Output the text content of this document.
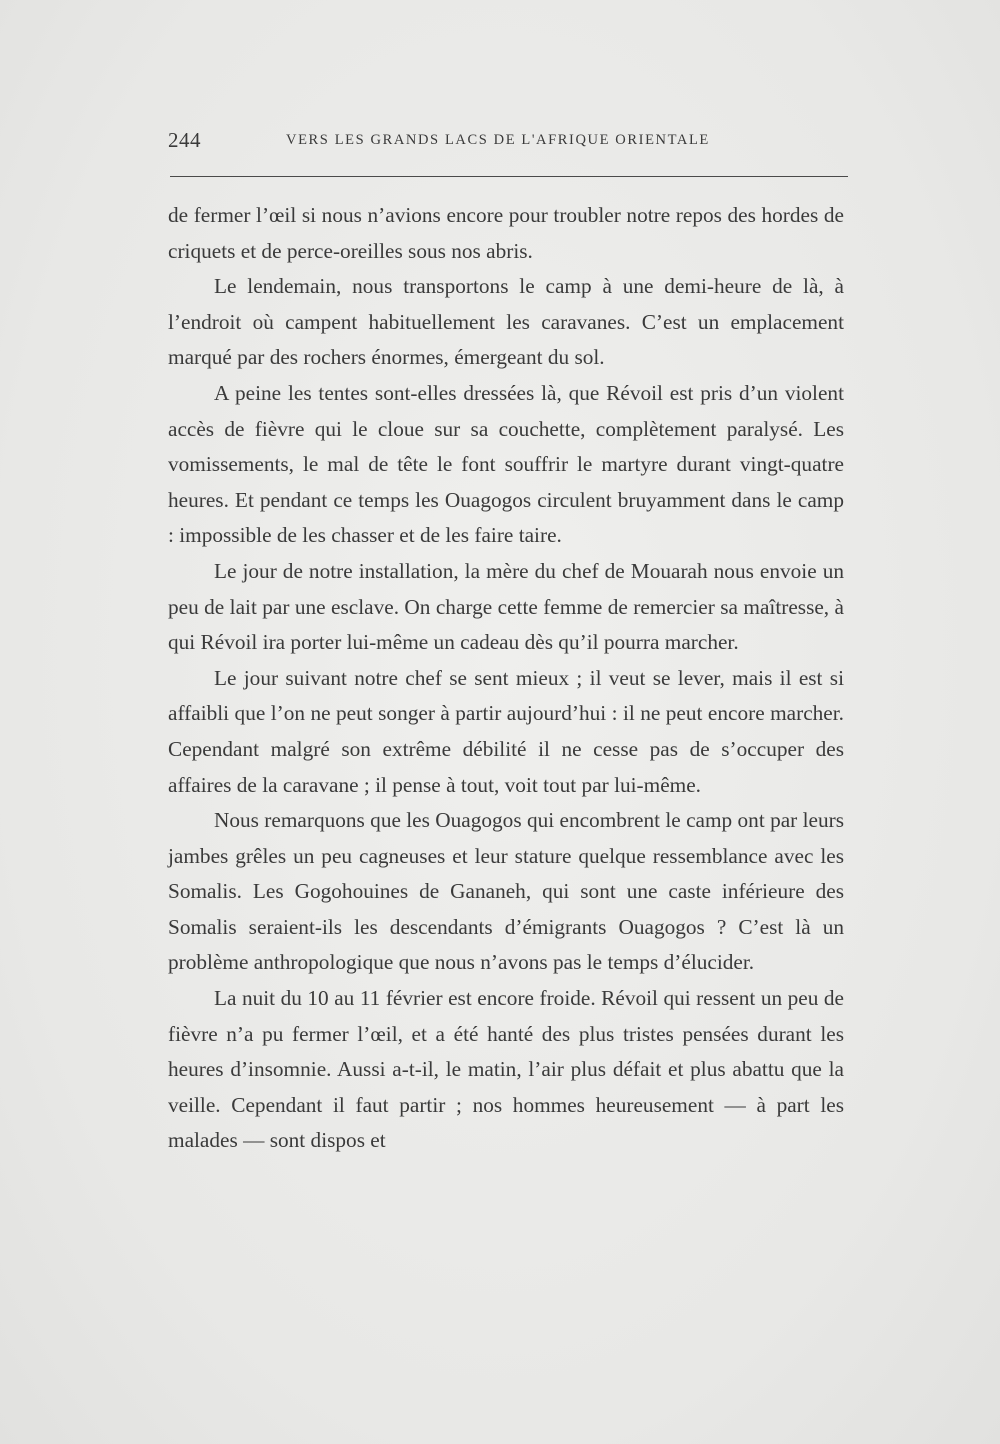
244	VERS LES GRANDS LACS DE L'AFRIQUE ORIENTALE

de fermer l’œil si nous n’avions encore pour troubler notre repos des hordes de criquets et de perce-oreilles sous nos abris.

Le lendemain, nous transportons le camp à une demi-heure de là, à l’endroit où campent habituellement les caravanes. C’est un emplacement marqué par des rochers énormes, émergeant du sol.

A peine les tentes sont-elles dressées là, que Révoil est pris d’un violent accès de fièvre qui le cloue sur sa couchette, complètement paralysé. Les vomissements, le mal de tête le font souffrir le martyre durant vingt-quatre heures. Et pendant ce temps les Ouagogos circulent bruyamment dans le camp : impossible de les chasser et de les faire taire.

Le jour de notre installation, la mère du chef de Mouarah nous envoie un peu de lait par une esclave. On charge cette femme de remercier sa maîtresse, à qui Révoil ira porter lui-même un cadeau dès qu’il pourra marcher.

Le jour suivant notre chef se sent mieux ; il veut se lever, mais il est si affaibli que l’on ne peut songer à partir aujourd’hui : il ne peut encore marcher. Cependant malgré son extrême débilité il ne cesse pas de s’occuper des affaires de la caravane ; il pense à tout, voit tout par lui-même.

Nous remarquons que les Ouagogos qui encombrent le camp ont par leurs jambes grêles un peu cagneuses et leur stature quelque ressemblance avec les Somalis. Les Gogohouines de Gananeh, qui sont une caste inférieure des Somalis seraient-ils les descendants d’émigrants Ouagogos ? C’est là un problème anthropologique que nous n’avons pas le temps d’élucider.

La nuit du 10 au 11 février est encore froide. Révoil qui ressent un peu de fièvre n’a pu fermer l’œil, et a été hanté des plus tristes pensées durant les heures d’insomnie. Aussi a-t-il, le matin, l’air plus défait et plus abattu que la veille. Cependant il faut partir ; nos hommes heureusement — à part les malades — sont dispos et
